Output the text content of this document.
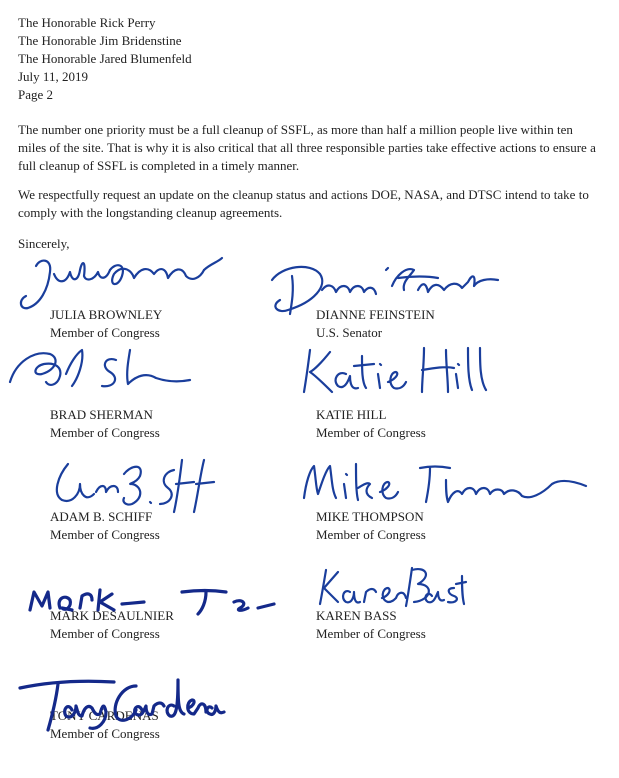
The Honorable Rick Perry
The Honorable Jim Bridenstine
The Honorable Jared Blumenfeld
July 11, 2019
Page 2
The number one priority must be a full cleanup of SSFL, as more than half a million people live within ten miles of the site. That is why it is also critical that all three responsible parties take effective actions to ensure a full cleanup of SSFL is completed in a timely manner.
We respectfully request an update on the cleanup status and actions DOE, NASA, and DTSC intend to take to comply with the longstanding cleanup agreements.
Sincerely,
JULIA BROWNLEY
Member of Congress
DIANNE FEINSTEIN
U.S. Senator
BRAD SHERMAN
Member of Congress
KATIE HILL
Member of Congress
ADAM B. SCHIFF
Member of Congress
MIKE THOMPSON
Member of Congress
MARK DESAULNIER
Member of Congress
KAREN BASS
Member of Congress
TONY CÁRDENAS
Member of Congress
